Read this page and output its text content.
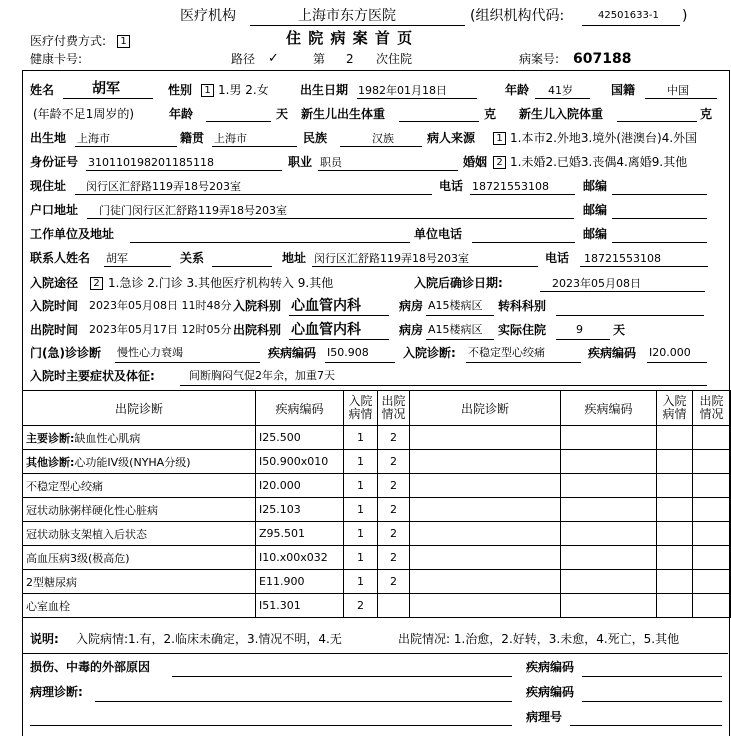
医疗机构	上海市东方医院	(组织机构代码:	42501633-1 )
医疗付费方式:	1	住 院 病 案 首 页
健康卡号:	路径 ✓	第 2 次住院	病案号: 607188
姓名	胡军	性别	1 1.男 2.女	出生日期 1982年01月18日	年龄 41岁	国籍	中国
(年龄不足1周岁的)	年龄	天 新生儿出生体重	克 新生儿入院体重	克
出生地 上海市	籍贯 上海市	民族	汉族	病人来源	1 1.本市2.外地3.境外(港澳台)4.外国
身份证号 310110198201185118	职业 职员	婚姻 2 1.未婚2.已婚3.丧偶4.离婚9.其他
现住址 闵行区汇舒路119弄18号203室	电话 18721553108	邮编
户口地址 门徒门闵行区汇舒路119弄18号203室	邮编
工作单位及地址	单位电话	邮编
联系人姓名 胡军	关系	地址 闵行区汇舒路119弄18号203室	电话 18721553108
入院途径	2 1.急诊 2.门诊 3.其他医疗机构转入 9.其他	入院后确诊日期:	2023年05月08日
入院时间 2023年05月08日 11时48分 入院科别 心血管内科	病房 A15楼病区 转科科别
出院时间 2023年05月17日 12时05分 出院科别 心血管内科	病房 A15楼病区 实际住院	9	天
门(急)诊诊断 慢性心力衰竭	疾病编码 I50.908	入院诊断: 不稳定型心绞痛	疾病编码 I20.000
入院时主要症状及体征:	间断胸闷气促2年余，加重7天
出院诊断	疾病编码	入院病情	出院情况	出院诊断	疾病编码	入院病情	出院情况
主要诊断:缺血性心肌病	I25.500	1	2				
其他诊断:心功能IV级(NYHA分级)	I50.900x010	1	2				
不稳定型心绞痛	I20.000	1	2				
冠状动脉粥样硬化性心脏病	I25.103	1	2				
冠状动脉支架植入后状态	Z95.501	1	2				
高血压病3级(极高危)	I10.x00x032	1	2				
2型糖尿病	E11.900	1	2				
心室血栓	I51.301	2					
说明: 入院病情:1.有，2.临床未确定，3.情况不明，4.无	出院情况: 1.治愈，2.好转，3.未愈，4.死亡，5.其他
损伤、中毒的外部原因	疾病编码
病理诊断:	疾病编码
病理号
